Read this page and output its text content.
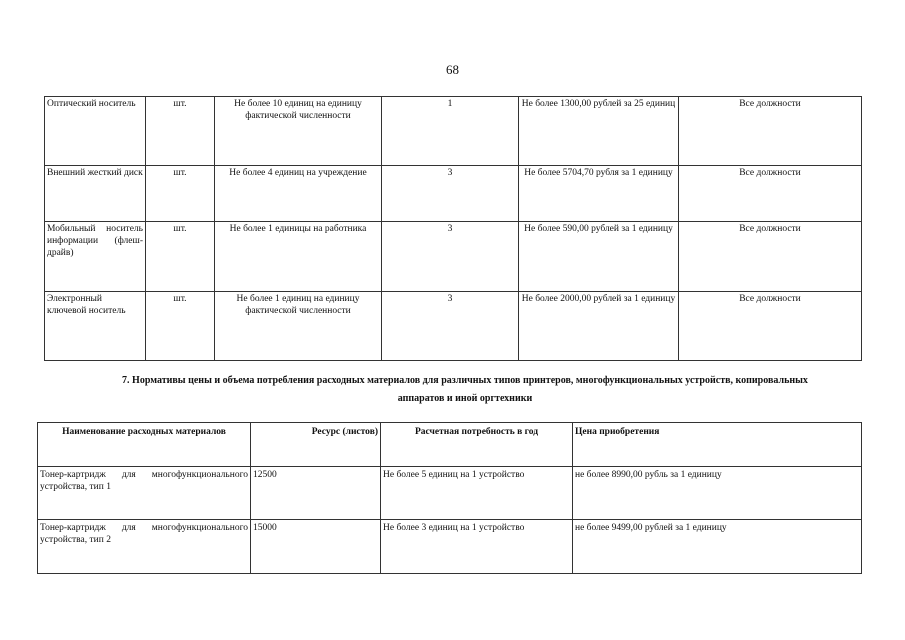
68
Оптический носитель	шт.	Не более 10 единиц на единицу фактической численности	1	Не более 1300,00 рублей за 25 единиц	Все должности
Внешний жесткий диск	шт.	Не более 4 единиц на учреждение	3	Не более 5704,70 рубля за 1 единицу	Все должности
Мобильный носитель информации (флеш-драйв)	шт.	Не более 1 единицы на работника	3	Не более 590,00 рублей за 1 единицу	Все должности
Электронный ключевой носитель	шт.	Не более 1 единиц на единицу фактической численности	3	Не более 2000,00 рублей за 1 единицу	Все должности
7. Нормативы цены и объема потребления расходных материалов для различных типов принтеров, многофункциональных устройств, копировальных
аппаратов и иной оргтехники
Наименование расходных материалов	Ресурс (листов)	Расчетная потребность в год	Цена приобретения
Тонер-картридж для многофункционального устройства, тип 1	12500	Не более 5 единиц на 1 устройство	не более 8990,00 рубль за 1 единицу
Тонер-картридж для многофункционального устройства, тип 2	15000	Не более 3 единиц на 1 устройство	не более 9499,00 рублей за 1 единицу
